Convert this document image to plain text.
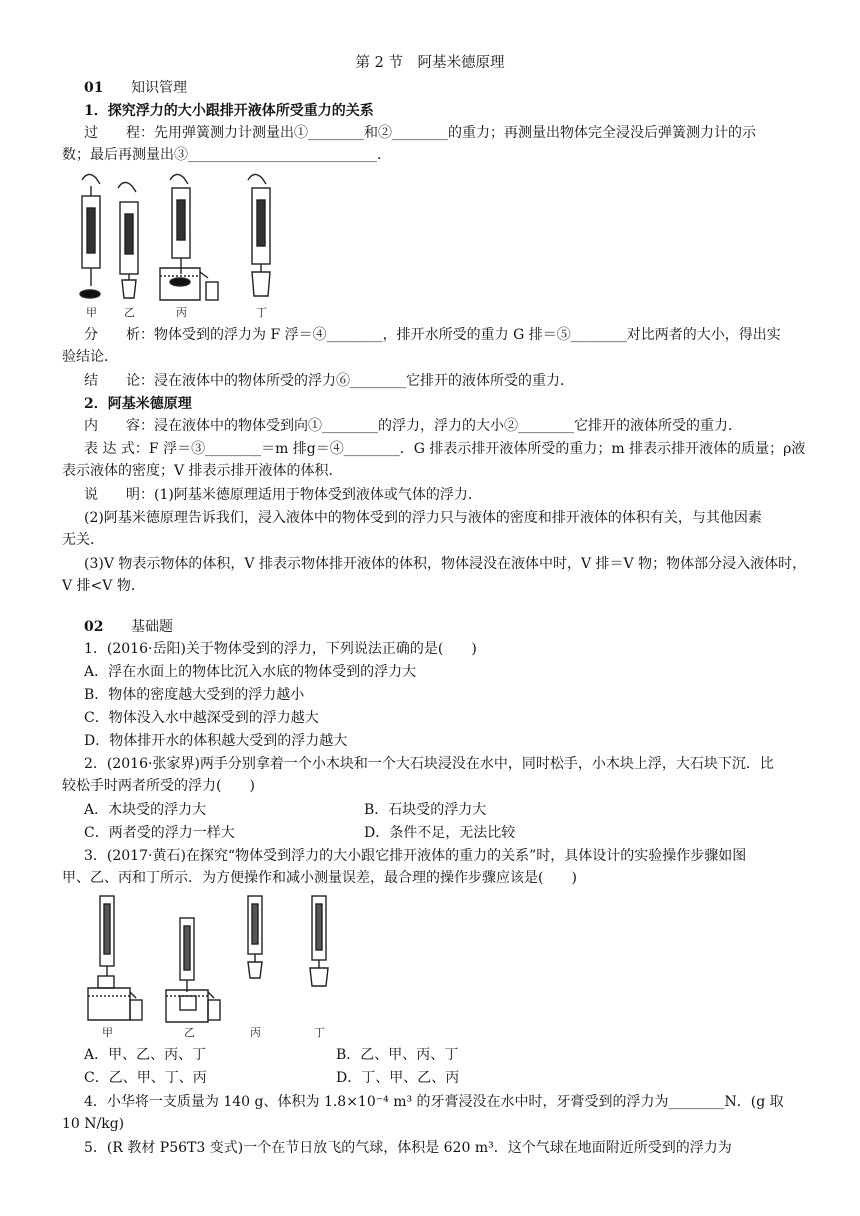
第 2 节　阿基米德原理
01 知识管理
1．探究浮力的大小跟排开液体所受重力的关系
过　　程：先用弹簧测力计测量出①________和②________的重力；再测量出物体完全浸没后弹簧测力计的示
数；最后再测量出③___________________________．
甲 乙	丙	丁
分　　析：物体受到的浮力为 F 浮＝④________，排开水所受的重力 G 排＝⑤________对比两者的大小，得出实
验结论．
结　　论：浸在液体中的物体所受的浮力⑥________它排开的液体所受的重力．
2．阿基米德原理
内　　容：浸在液体中的物体受到向①________的浮力，浮力的大小②________它排开的液体所受的重力．
表 达 式：F 浮＝③________＝m 排g＝④________．G 排表示排开液体所受的重力；m 排表示排开液体的质量；ρ液
表示液体的密度；V 排表示排开液体的体积．
说　　明：(1)阿基米德原理适用于物体受到液体或气体的浮力．
(2)阿基米德原理告诉我们，浸入液体中的物体受到的浮力只与液体的密度和排开液体的体积有关，与其他因素
无关．
(3)V 物表示物体的体积，V 排表示物体排开液体的体积，物体浸没在液体中时，V 排＝V 物；物体部分浸入液体时，
V 排<V 物．
02 基础题
1．(2016·岳阳)关于物体受到的浮力，下列说法正确的是(　　)
A．浮在水面上的物体比沉入水底的物体受到的浮力大
B．物体的密度越大受到的浮力越小
C．物体没入水中越深受到的浮力越大
D．物体排开水的体积越大受到的浮力越大
2．(2016·张家界)两手分别拿着一个小木块和一个大石块浸没在水中，同时松手，小木块上浮，大石块下沉．比
较松手时两者所受的浮力(　　)
A．木块受的浮力大	B．石块受的浮力大
C．两者受的浮力一样大	D．条件不足，无法比较
3．(2017·黄石)在探究“物体受到浮力的大小跟它排开液体的重力的关系”时，具体设计的实验操作步骤如图
甲、乙、丙和丁所示．为方便操作和减小测量误差，最合理的操作步骤应该是(　　)
甲	乙	丙	丁
A．甲、乙、丙、丁	B．乙、甲、丙、丁
C．乙、甲、丁、丙	D．丁、甲、乙、丙
4．小华将一支质量为 140 g、体积为 1.8×10⁻⁴ m³ 的牙膏浸没在水中时，牙膏受到的浮力为________N．(g 取
10 N/kg)
5．(R 教材 P56T3 变式)一个在节日放飞的气球，体积是 620 m³．这个气球在地面附近所受到的浮力为
